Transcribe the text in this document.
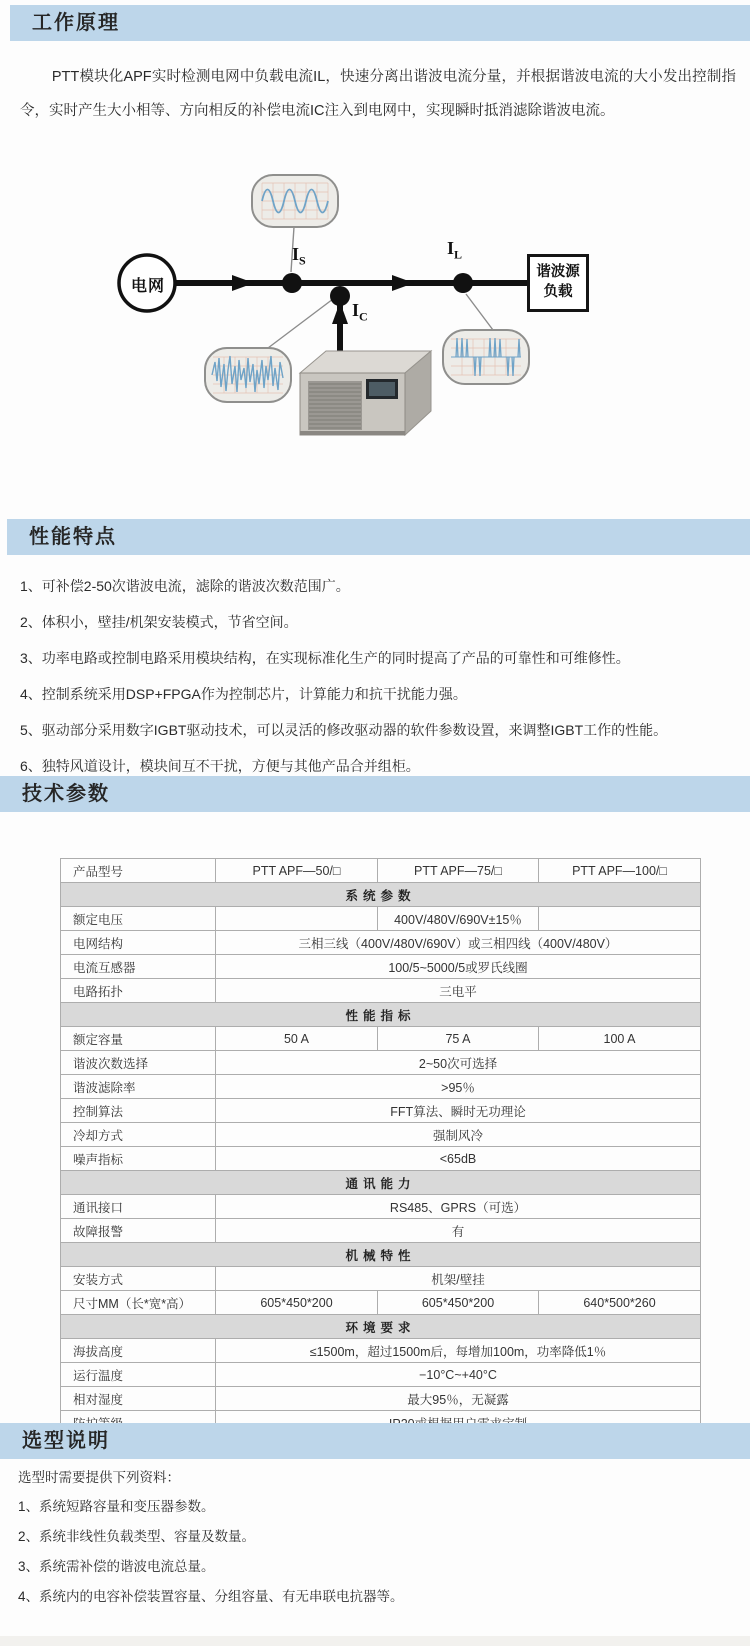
工作原理
PTT模块化APF实时检测电网中负载电流IL，快速分离出谐波电流分量，并根据谐波电流的大小发出控制指令，实时产生大小相等、方向相反的补偿电流IC注入到电网中，实现瞬时抵消滤除谐波电流。
电网
谐波源
负载
$I_S$
$I_L$
$I_C$
性能特点
1、可补偿2-50次谐波电流，滤除的谐波次数范围广。
2、体积小，壁挂/机架安装模式，节省空间。
3、功率电路或控制电路采用模块结构，在实现标准化生产的同时提高了产品的可靠性和可维修性。
4、控制系统采用DSP+FPGA作为控制芯片，计算能力和抗干扰能力强。
5、驱动部分采用数字IGBT驱动技术，可以灵活的修改驱动器的软件参数设置，来调整IGBT工作的性能。
6、独特风道设计，模块间互不干扰，方便与其他产品合并组柜。
技术参数
产品型号	PTT APF—50/□	PTT APF—75/□	PTT APF—100/□
系统参数			
额定电压		400V/480V/690V±15％	
电网结构	三相三线（400V/480V/690V）或三相四线（400V/480V）		
电流互感器	100/5~5000/5或罗氏线圈		
电路拓扑	三电平		
性能指标			
额定容量	50 A	75 A	100 A
谐波次数选择	2~50次可选择		
谐波滤除率	>95％		
控制算法	FFT算法、瞬时无功理论		
冷却方式	强制风冷		
噪声指标	<65dB		
通讯能力			
通讯接口	RS485、GPRS（可选）		
故障报警	有		
机械特性			
安装方式	机架/壁挂		
尺寸MM（长*宽*高）	605*450*200	605*450*200	640*500*260
环境要求			
海拔高度	≤1500m，超过1500m后，每增加100m，功率降低1％		
运行温度	−10°C~+40°C		
相对湿度	最大95％，无凝露		

选型说明
选型时需要提供下列资料：
1、系统短路容量和变压器参数。
2、系统非线性负载类型、容量及数量。
3、系统需补偿的谐波电流总量。
4、系统内的电容补偿装置容量、分组容量、有无串联电抗器等。
